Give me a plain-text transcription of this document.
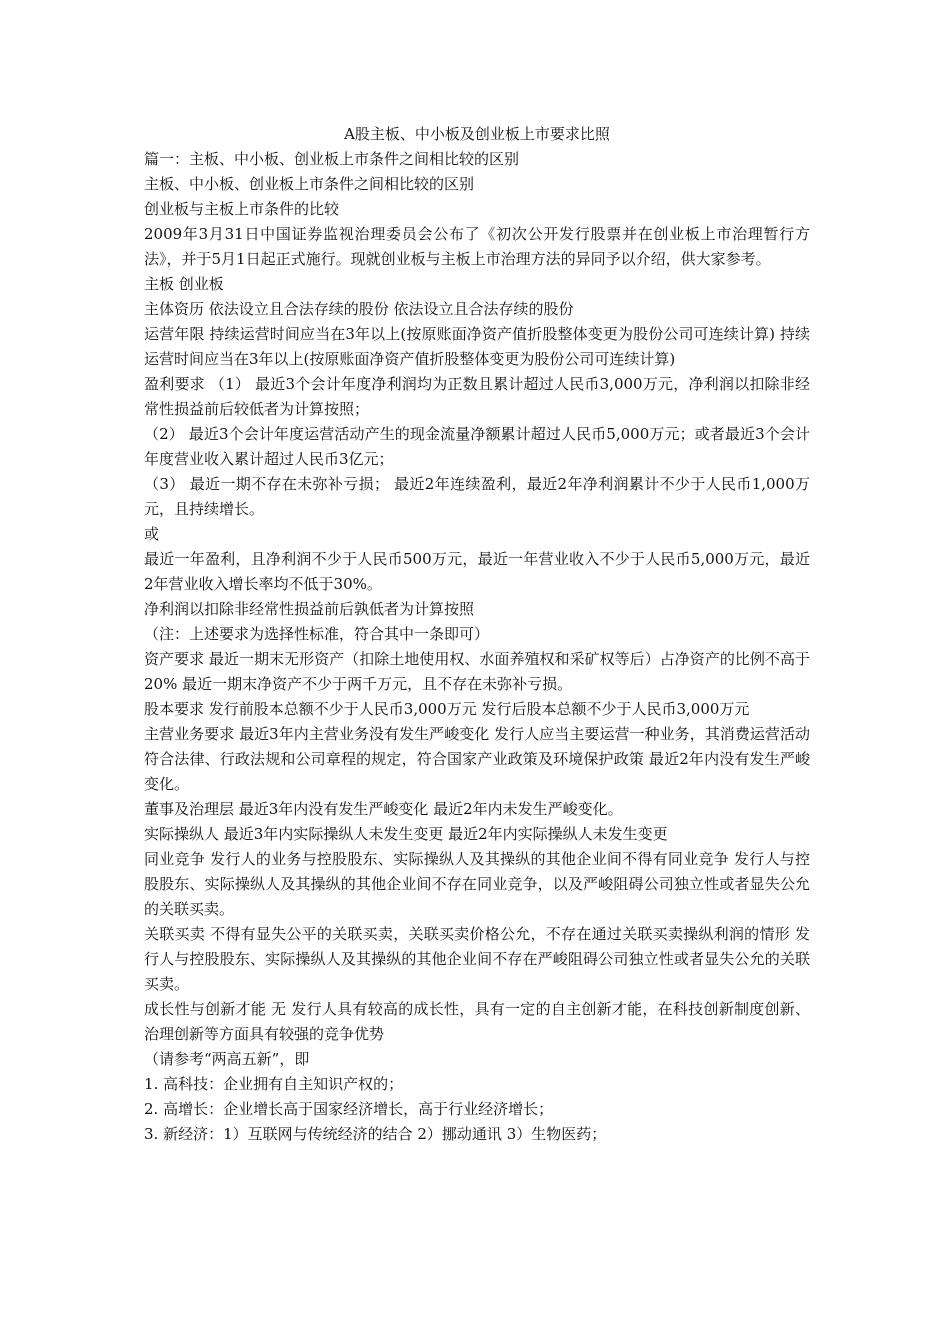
A股主板、中小板及创业板上市要求比照

篇一：主板、中小板、创业板上市条件之间相比较的区别

主板、中小板、创业板上市条件之间相比较的区别

创业板与主板上市条件的比较

2009年3月31日中国证券监视治理委员会公布了《初次公开发行股票并在创业板上市治理暂行方法》，并于5月1日起正式施行。现就创业板与主板上市治理方法的异同予以介绍，供大家参考。

主板 创业板

主体资历 依法设立且合法存续的股份 依法设立且合法存续的股份

运营年限 持续运营时间应当在3年以上(按原账面净资产值折股整体变更为股份公司可连续计算) 持续运营时间应当在3年以上(按原账面净资产值折股整体变更为股份公司可连续计算)

盈利要求 （1） 最近3个会计年度净利润均为正数且累计超过人民币3,000万元，净利润以扣除非经常性损益前后较低者为计算按照；

（2） 最近3个会计年度运营活动产生的现金流量净额累计超过人民币5,000万元；或者最近3个会计年度营业收入累计超过人民币3亿元；

（3） 最近一期不存在未弥补亏损； 最近2年连续盈利，最近2年净利润累计不少于人民币1,000万元，且持续增长。

或

最近一年盈利，且净利润不少于人民币500万元，最近一年营业收入不少于人民币5,000万元，最近2年营业收入增长率均不低于30%。

净利润以扣除非经常性损益前后孰低者为计算按照

（注：上述要求为选择性标准，符合其中一条即可）

资产要求 最近一期末无形资产（扣除土地使用权、水面养殖权和采矿权等后）占净资产的比例不高于20% 最近一期末净资产不少于两千万元，且不存在未弥补亏损。

股本要求 发行前股本总额不少于人民币3,000万元 发行后股本总额不少于人民币3,000万元

主营业务要求 最近3年内主营业务没有发生严峻变化 发行人应当主要运营一种业务，其消费运营活动符合法律、行政法规和公司章程的规定，符合国家产业政策及环境保护政策 最近2年内没有发生严峻变化。

董事及治理层 最近3年内没有发生严峻变化 最近2年内未发生严峻变化。

实际操纵人 最近3年内实际操纵人未发生变更 最近2年内实际操纵人未发生变更

同业竞争 发行人的业务与控股股东、实际操纵人及其操纵的其他企业间不得有同业竞争 发行人与控股股东、实际操纵人及其操纵的其他企业间不存在同业竞争，以及严峻阻碍公司独立性或者显失公允的关联买卖。

关联买卖 不得有显失公平的关联买卖，关联买卖价格公允，不存在通过关联买卖操纵利润的情形 发行人与控股股东、实际操纵人及其操纵的其他企业间不存在严峻阻碍公司独立性或者显失公允的关联买卖。

成长性与创新才能 无 发行人具有较高的成长性，具有一定的自主创新才能，在科技创新制度创新、治理创新等方面具有较强的竞争优势

（请参考“两高五新”，即

1. 高科技：企业拥有自主知识产权的；

2. 高增长：企业增长高于国家经济增长，高于行业经济增长；

3. 新经济：1）互联网与传统经济的结合 2）挪动通讯 3）生物医药；
